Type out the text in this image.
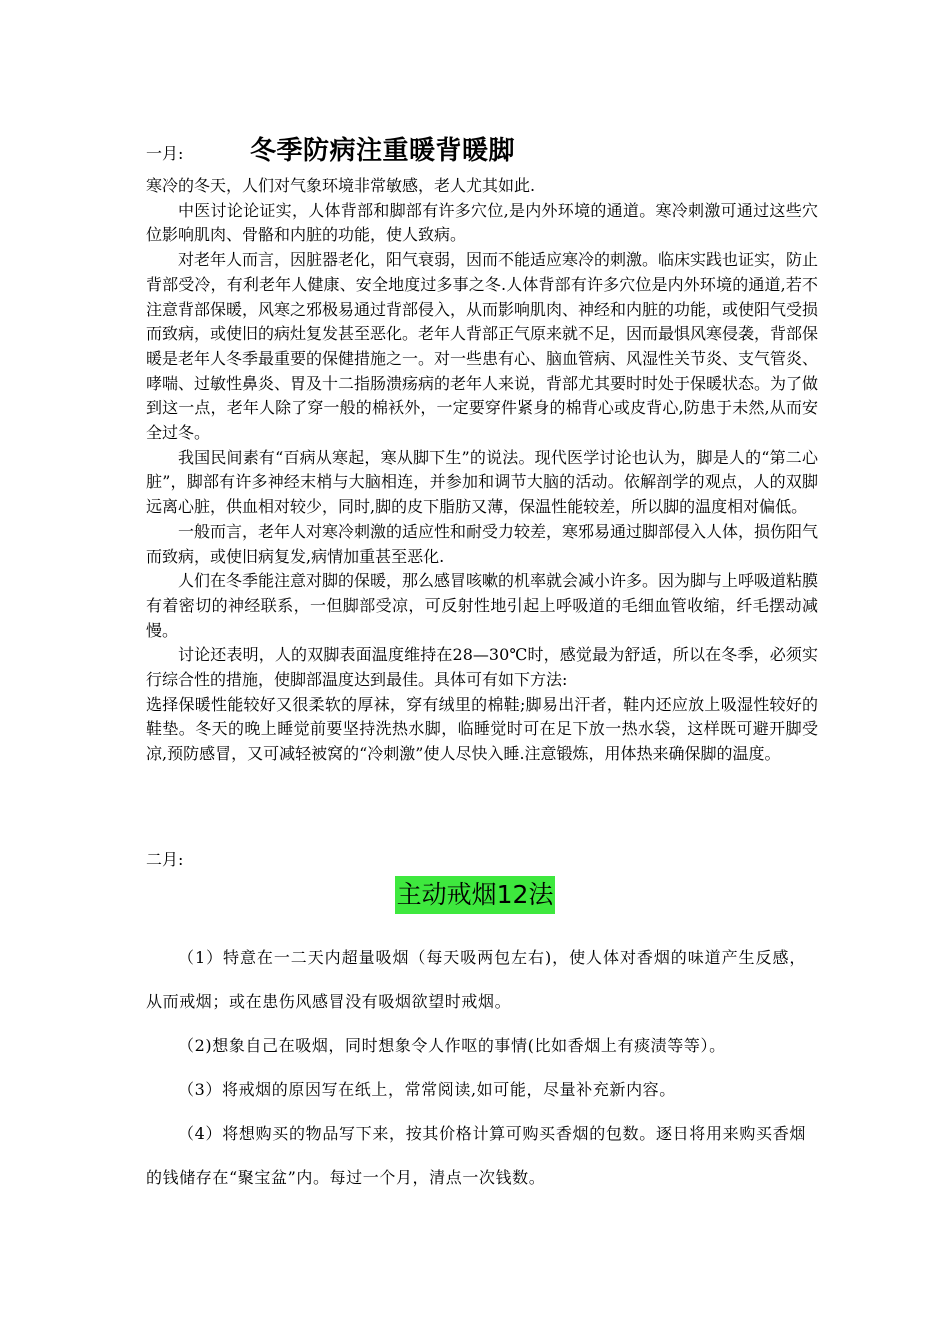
一月:	冬季防病注重暖背暖脚

寒冷的冬天，人们对气象环境非常敏感，老人尤其如此.

中医讨论论证实，人体背部和脚部有许多穴位,是内外环境的通道。寒冷刺激可通过这些穴位影响肌肉、骨骼和内脏的功能，使人致病。

对老年人而言，因脏器老化，阳气衰弱，因而不能适应寒冷的刺激。临床实践也证实，防止背部受冷，有利老年人健康、安全地度过多事之冬.人体背部有许多穴位是内外环境的通道,若不注意背部保暖，风寒之邪极易通过背部侵入，从而影响肌肉、神经和内脏的功能，或使阳气受损而致病，或使旧的病灶复发甚至恶化。老年人背部正气原来就不足，因而最惧风寒侵袭，背部保暖是老年人冬季最重要的保健措施之一。对一些患有心、脑血管病、风湿性关节炎、支气管炎、哮喘、过敏性鼻炎、胃及十二指肠溃疡病的老年人来说，背部尤其要时时处于保暖状态。为了做到这一点，老年人除了穿一般的棉袄外，一定要穿件紧身的棉背心或皮背心,防患于未然,从而安全过冬。

我国民间素有“百病从寒起，寒从脚下生”的说法。现代医学讨论也认为，脚是人的“第二心脏”，脚部有许多神经末梢与大脑相连，并参加和调节大脑的活动。依解剖学的观点，人的双脚远离心脏，供血相对较少，同时,脚的皮下脂肪又薄，保温性能较差，所以脚的温度相对偏低。

一般而言，老年人对寒冷刺激的适应性和耐受力较差，寒邪易通过脚部侵入人体，损伤阳气而致病，或使旧病复发,病情加重甚至恶化.

人们在冬季能注意对脚的保暖，那么感冒咳嗽的机率就会减小许多。因为脚与上呼吸道粘膜有着密切的神经联系，一但脚部受凉，可反射性地引起上呼吸道的毛细血管收缩，纤毛摆动减慢。

讨论还表明，人的双脚表面温度维持在28—30℃时，感觉最为舒适，所以在冬季，必须实行综合性的措施，使脚部温度达到最佳。具体可有如下方法:

选择保暖性能较好又很柔软的厚袜，穿有绒里的棉鞋;脚易出汗者，鞋内还应放上吸湿性较好的鞋垫。冬天的晚上睡觉前要坚持洗热水脚，临睡觉时可在足下放一热水袋，这样既可避开脚受凉,预防感冒，又可减轻被窝的“冷刺激”使人尽快入睡.注意锻炼，用体热来确保脚的温度。

二月:
主动戒烟12法

（1）特意在一二天内超量吸烟（每天吸两包左右)，使人体对香烟的味道产生反感，从而戒烟；或在患伤风感冒没有吸烟欲望时戒烟。

（2)想象自己在吸烟，同时想象令人作呕的事情(比如香烟上有痰渍等等）。

（3）将戒烟的原因写在纸上，常常阅读,如可能，尽量补充新内容。

（4）将想购买的物品写下来，按其价格计算可购买香烟的包数。逐日将用来购买香烟的钱储存在“聚宝盆”内。每过一个月，清点一次钱数。
